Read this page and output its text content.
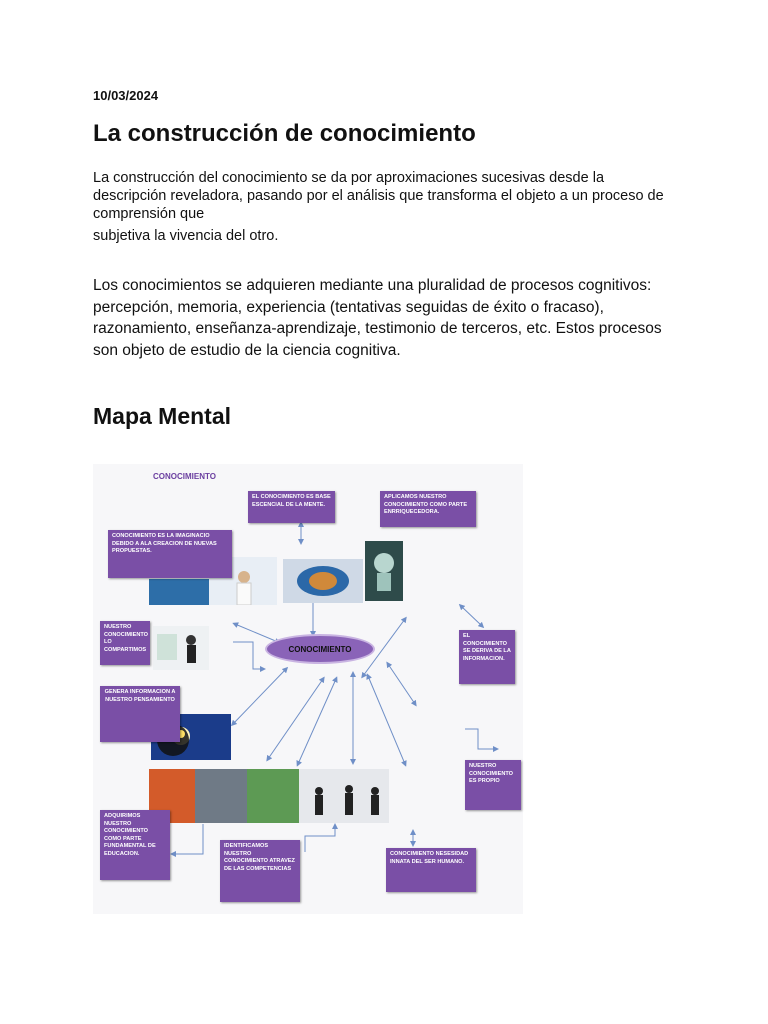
10/03/2024
La construcción de conocimiento

La construcción del conocimiento se da por aproximaciones sucesivas desde la descripción reveladora, pasando por el análisis que transforma el objeto a un proceso de comprensión que

subjetiva la vivencia del otro.

Los conocimientos se adquieren mediante una pluralidad de procesos cognitivos: percepción, memoria, experiencia (tentativas seguidas de éxito o fracaso), razonamiento, enseñanza-aprendizaje, testimonio de terceros, etc. Estos procesos son objeto de estudio de la ciencia cognitiva.

Mapa Mental
CONOCIMIENTO
EL CONOCIMIENTO ES BASE ESCENCIAL DE LA MENTE.
APLICAMOS NUESTRO CONOCIMIENTO COMO PARTE ENRRIQUECEDORA.
CONOCIMIENTO ES LA IMAGINACIO DEBIDO A ALA CREACION DE NUEVAS PROPUESTAS.
NUESTRO CONOCIMIENTO LO COMPARTIMOS
EL CONOCIMIENTO SE DERIVA DE LA INFORMACION.
GENERA INFORMACION A NUESTRO PENSAMIENTO
NUESTRO CONOCIMIENTO ES PROPIO
ADQUIRIMOS NUESTRO CONOCIMIENTO COMO PARTE FUNDAMENTAL DE EDUCACION.
IDENTIFICAMOS NUESTRO CONOCIMIENTO ATRAVEZ DE LAS COMPETENCIAS
CONOCIMIENTO NESESIDAD INNATA DEL SER HUMANO.
CONOCIMIENTO
